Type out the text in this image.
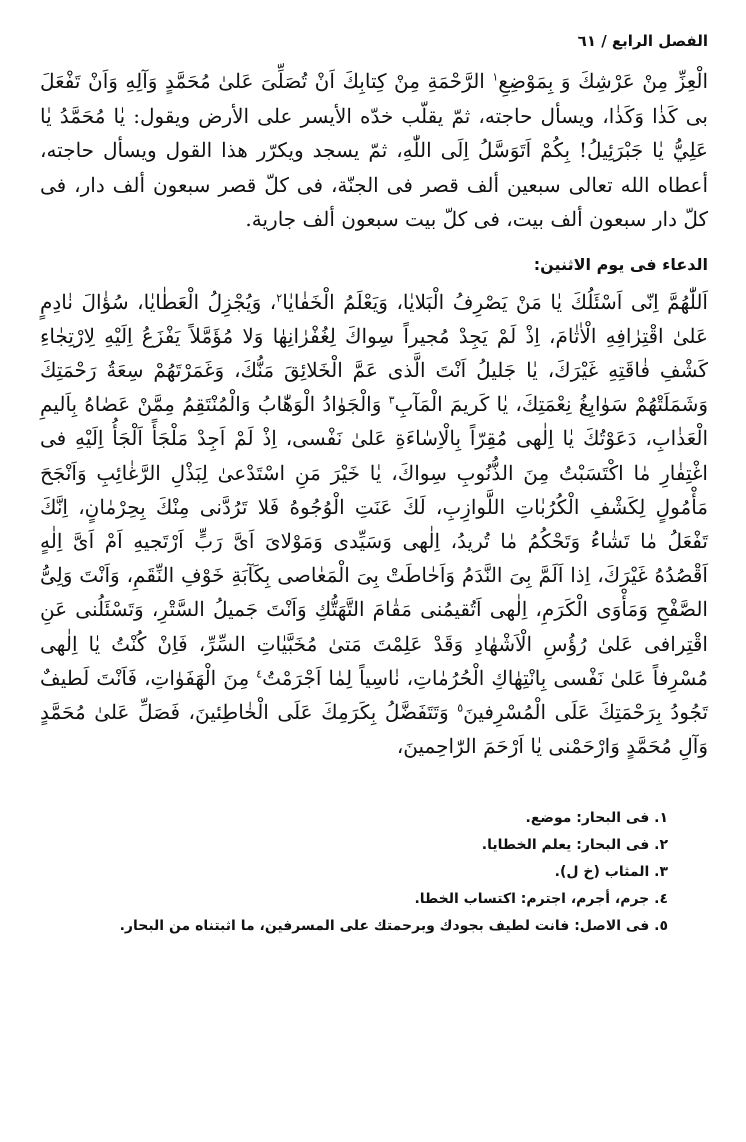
الفصل الرابع / ٦١

الْعِزِّ مِنْ عَرْشِكَ وَ بِمَوْضِعِ$^١$ الرَّحْمَةِ مِنْ كِتابِكَ اَنْ تُصَلِّىَ عَلىٰ مُحَمَّدٍ وَآلِهِ وَاَنْ تَفْعَلَ بى كَذٰا وَكَذٰا، ويسأل حاجته، ثمّ يقلّب خدّه الأيسر على الأرض ويقول: يٰا مُحَمَّدُ يٰا عَلِيُّ يٰا جَبْرَئِيلُ! بِكُمْ اَتَوَسَّلُ اِلَى اللّٰهِ، ثمّ يسجد ويكرّر هذا القول ويسأل حاجته، أعطاه الله تعالى سبعين ألف قصر فى الجنّة، فى كلّ قصر سبعون ألف دار، فى كلّ دار سبعون ألف بيت، فى كلّ بيت سبعون ألف جارية.

الدعاء فى يوم الاثنين:

اَللّٰهُمَّ اِنّى اَسْئَلُكَ يٰا مَنْ يَصْرِفُ الْبَلايٰا، وَيَعْلَمُ الْخَفٰايٰا$^٢$، وَيُجْزِلُ الْعَطٰايٰا، سُؤٰالَ نٰادِمٍ عَلىٰ اقْتِرٰافِهِ الْاٰثٰامَ، اِذْ لَمْ يَجِدْ مُجيراً سِواكَ لِغُفْرٰانِهٰا وَلا مُؤَمَّلاً يَفْزَعُ اِلَيْهِ لِارْتِجٰاءِ كَشْفِ فٰاقَتِهِ غَيْرَكَ، يٰا جَليلُ اَنْتَ الَّذى عَمَّ الْخَلائِقَ مَنُّكَ، وَغَمَرْتَهُمْ سِعَةُ رَحْمَتِكَ وَشَمَلَتْهُمْ سَوٰابِغُ نِعْمَتِكَ، يٰا كَريمَ الْمَآبِ$^٣$ وَالْجَوٰادُ الْوَهّٰابُ وَالْمُنْتَقِمُ مِمَّنْ عَصٰاهُ بِاَليمِ الْعَذٰابِ، دَعَوْتُكَ يٰا اِلٰهى مُقِرّاً بِالْاِسٰاءَةِ عَلىٰ نَفْسى، اِذْ لَمْ اَجِدْ مَلْجَأً اَلْجَأُ اِلَيْهِ فى اغْتِفٰارِ مٰا اكْتَسَبْتُ مِنَ الذُّنُوبِ سِواكَ، يٰا خَيْرَ مَنِ اسْتَدْعىٰ لِبَذْلِ الرَّغٰائِبِ وَاَنْجَحَ مَأْمُولٍ لِكَشْفِ الْكُرُبٰاتِ اللَّوازِبِ، لَكَ عَنَتِ الْوُجُوهُ فَلا تَرُدَّنى مِنْكَ بِحِرْمٰانٍ، اِنَّكَ تَفْعَلُ مٰا تَشٰاءُ وَتَحْكُمُ مٰا تُريدُ، اِلٰهى وَسَيِّدى وَمَوْلاىَ اَىَّ رَبٍّ اَرْتَجيهِ اَمْ اَىَّ اِلٰهٍ اَقْصُدُهُ غَيْرَكَ، اِذا اَلَمَّ بِىَ النَّدَمُ وَاَحٰاطَتْ بِىَ الْمَعٰاصى بِكَآبَةِ خَوْفِ النِّقَمِ، وَاَنْتَ وَلِىُّ الصَّفْحِ وَمَأْوَى الْكَرَمِ، اِلٰهى اَتُقيمُنى مَقٰامَ التَّهَتُّكِ وَاَنْتَ جَميلُ السَّتْرِ، وَتَسْئَلُنى عَنِ اقْتِرافى عَلىٰ رُؤُسِ الْاَشْهٰادِ وَقَدْ عَلِمْتَ مَتىٰ مُخَبَّيٰاتِ السِّرِّ، فَاِنْ كُنْتُ يٰا اِلٰهى مُسْرِفاً عَلىٰ نَفْسى بِانْتِهٰاكِ الْحُرُمٰاتِ، نٰاسِياً لِمٰا اَجْرَمْتُ$^٤$ مِنَ الْهَفَوٰاتِ، فَاَنْتَ لَطيفٌ تَجُودُ بِرَحْمَتِكَ عَلَى الْمُسْرِفينَ$^٥$ وَتَتَفَضَّلُ بِكَرَمِكَ عَلَى الْخٰاطِئينَ، فَصَلِّ عَلىٰ مُحَمَّدٍ وَآلِ مُحَمَّدٍ وَارْحَمْنى يٰا اَرْحَمَ الرّٰاحِمينَ،

١. فى البحار: موضع.

٢. فى البحار: يعلم الخطايا.

٣. المثاب (خ ل).

٤. جرم، أجرم، اجترم: اكتساب الخطا.

٥. فى الاصل: فانت لطيف بجودك وبرحمتك على المسرفين، ما اثبتناه من البحار.
